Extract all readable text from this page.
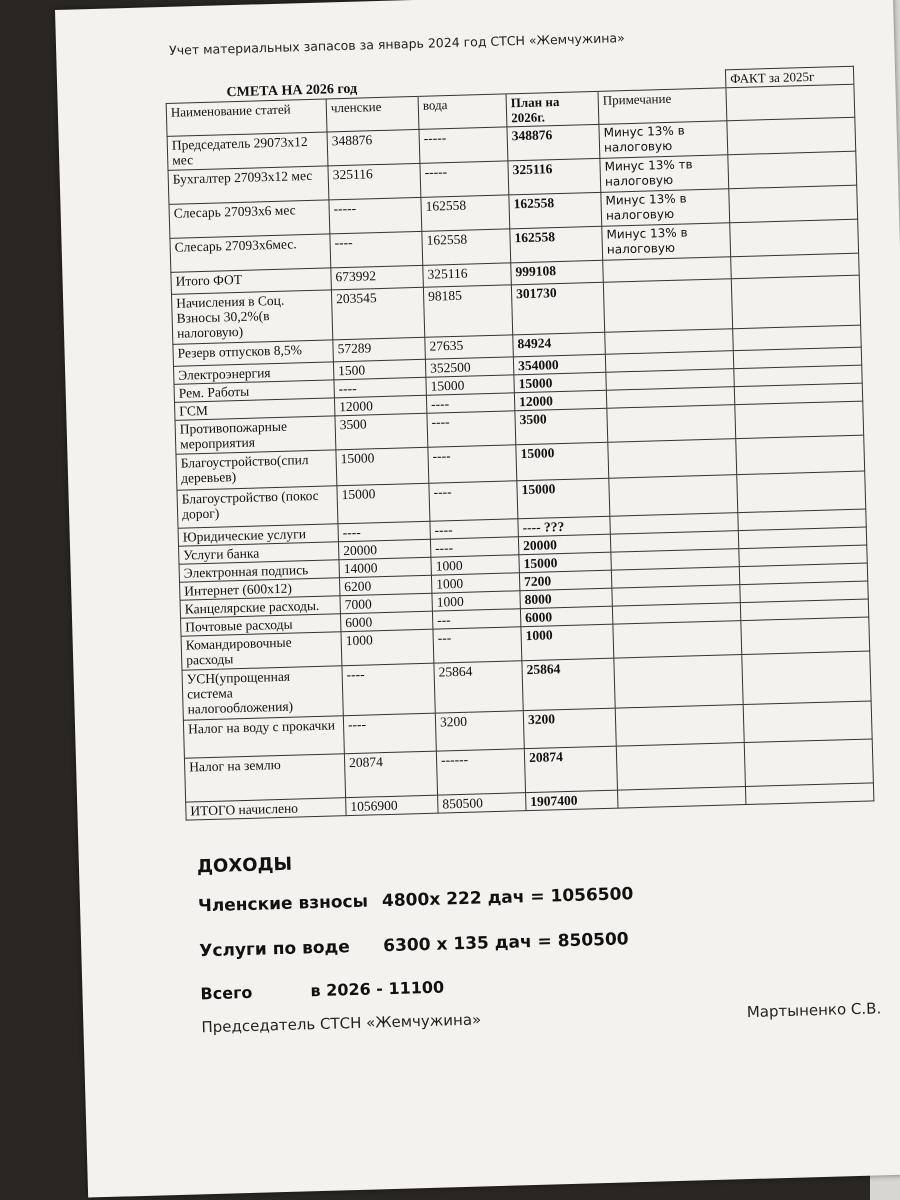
Учет материальных запасов за январь 2024 год СТСН «Жемчужина»
СМЕТА НА 2026 год					ФАКТ за 2025г
Наименование статей	членские	вода	План на 2026г.	Примечание	
Председатель 29073х12 мес	348876	-----	348876	Минус 13% в налоговую	
Бухгалтер 27093х12 мес	325116	-----	325116	Минус 13% тв налоговую	
Слесарь 27093х6 мес	-----	162558	162558	Минус 13% в налоговую	
Слесарь 27093х6мес.	----	162558	162558	Минус 13% в налоговую	
Итого ФОТ	673992	325116	999108		
Начисления в Соц. Взносы 30,2%(в налоговую)	203545	98185	301730		
Резерв отпусков 8,5%	57289	27635	84924		
Электроэнергия	1500	352500	354000		
Рем. Работы	----	15000	15000		
ГСМ	12000	----	12000		
Противопожарные мероприятия	3500	----	3500		
Благоустройство(спил деревьев)	15000	----	15000		
Благоустройство (покос дорог)	15000	----	15000		
Юридические услуги	----	----	---- ???		
Услуги банка	20000	----	20000		
Электронная подпись	14000	1000	15000		
Интернет (600х12)	6200	1000	7200		
Канцелярские расходы.	7000	1000	8000		
Почтовые расходы	6000	---	6000		
Командировочные расходы	1000	---	1000		
УСН(упрощенная система налогообложения)	----	25864	25864		
Налог на воду с прокачки	----	3200	3200		
Налог на землю	20874	------	20874		
ИТОГО начислено	1056900	850500	1907400		
ДОХОДЫ
Членские взносы 4800х 222 дач = 1056500
Услуги по воде 6300 х 135 дач = 850500
Всего	в 2026 - 11100
Председатель СТСН «Жемчужина»
Мартыненко С.В.
